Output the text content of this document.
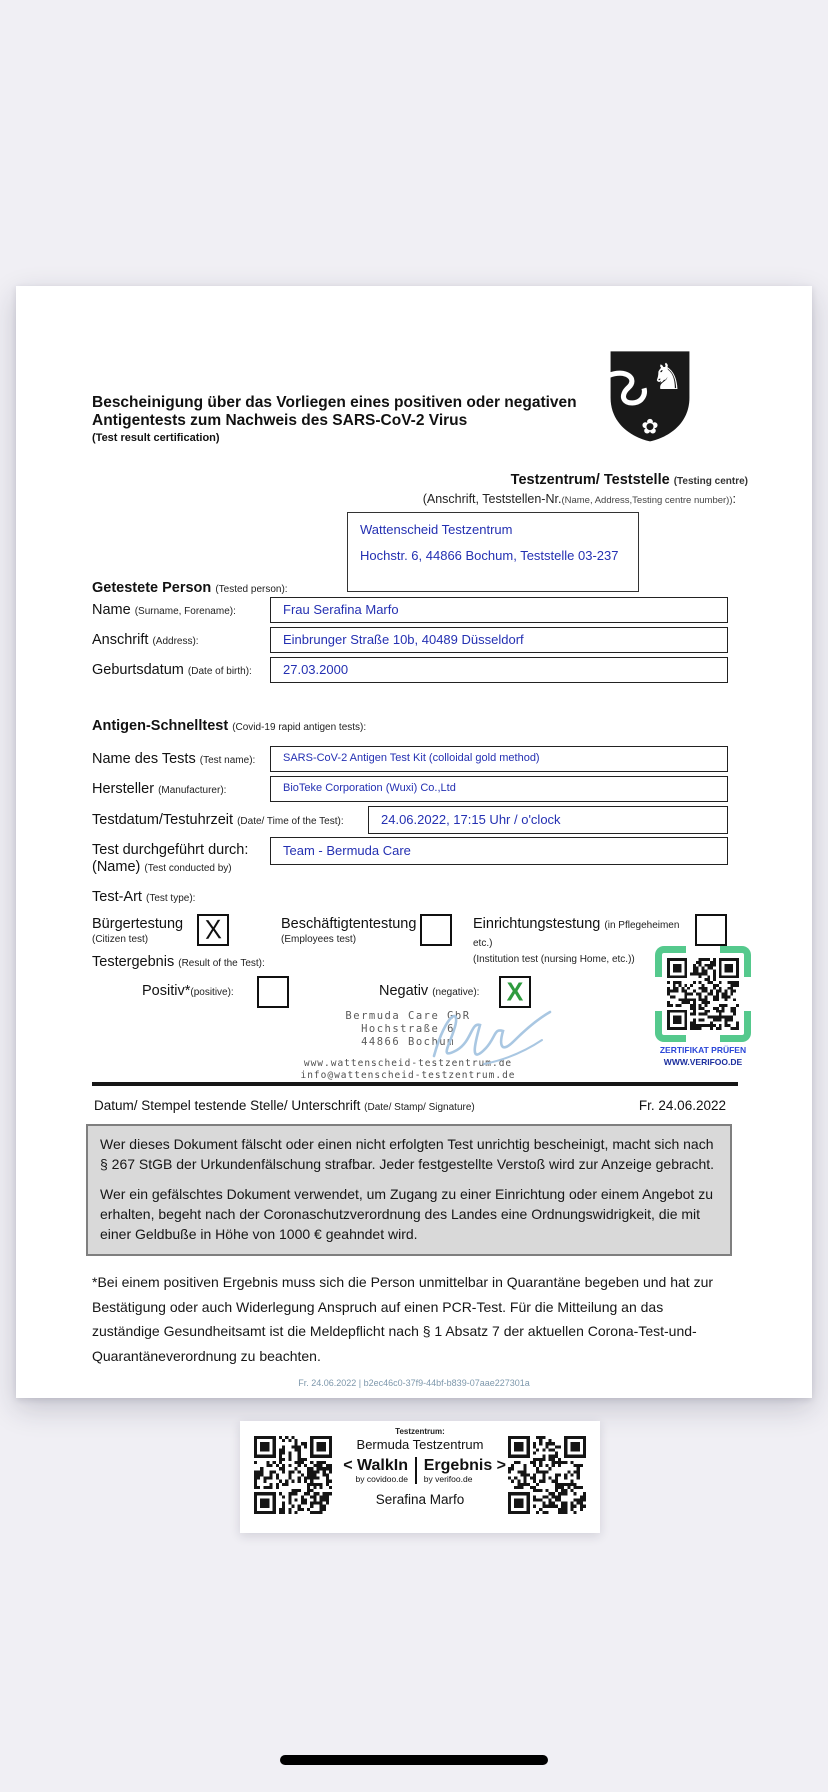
Bescheinigung über das Vorliegen eines positiven oder negativen
Antigentests zum Nachweis des SARS-CoV-2 Virus
(Test result certification)
♞
✿
Testzentrum/ Teststelle (Testing centre)
(Anschrift, Teststellen-Nr.(Name, Address,Testing centre number)):
Wattenscheid Testzentrum
Hochstr. 6, 44866 Bochum, Teststelle 03-237
Getestete Person (Tested person):
Name (Surname, Forename):	Frau Serafina Marfo
Anschrift (Address):	Einbrunger Straße 10b, 40489 Düsseldorf
Geburtsdatum (Date of birth):	27.03.2000
Antigen-Schnelltest (Covid-19 rapid antigen tests):
Name des Tests (Test name):	SARS-CoV-2 Antigen Test Kit (colloidal gold method)
Hersteller (Manufacturer):	BioTeke Corporation (Wuxi) Co.,Ltd
Testdatum/Testuhrzeit (Date/ Time of the Test):	24.06.2022, 17:15 Uhr / o'clock
Test durchgeführt durch:
(Name) (Test conducted by)
Team - Bermuda Care
Test-Art (Test type):
Bürgertestung
(Citizen test)	X	Beschäftigtentestung
(Employees test)
Einrichtungstestung (in Pflegeheimen etc.)
(Institution test (nursing Home, etc.))
Testergebnis (Result of the Test):
Positiv*(positive):	Negativ (negative): X
Bermuda Care GbR
Hochstraße 6
44866 Bochum
www.wattenscheid-testzentrum.de
info@wattenscheid-testzentrum.de
ZERTIFIKAT PRÜFEN
WWW.VERIFOO.DE
Datum/ Stempel testende Stelle/ Unterschrift (Date/ Stamp/ Signature)	Fr. 24.06.2022

Wer dieses Dokument fälscht oder einen nicht erfolgten Test unrichtig bescheinigt, macht sich nach § 267 StGB der Urkundenfälschung strafbar. Jeder festgestellte Verstoß wird zur Anzeige gebracht.

Wer ein gefälschtes Dokument verwendet, um Zugang zu einer Einrichtung oder einem Angebot zu erhalten, begeht nach der Coronaschutzverordnung des Landes eine Ordnungswidrigkeit, die mit einer Geldbuße in Höhe von 1000 € geahndet wird.

*Bei einem positiven Ergebnis muss sich die Person unmittelbar in Quarantäne begeben und hat zur Bestätigung oder auch Widerlegung Anspruch auf einen PCR-Test. Für die Mitteilung an das zuständige Gesundheitsamt ist die Meldepflicht nach § 1 Absatz 7 der aktuellen Corona-Test-und-Quarantäneverordnung zu beachten.
Fr. 24.06.2022 | b2ec46c0-37f9-44bf-b839-07aae227301a
Testzentrum:
Bermuda Testzentrum
< WalkIn
by covidoo.de
Ergebnis >
by verifoo.de
Serafina Marfo
